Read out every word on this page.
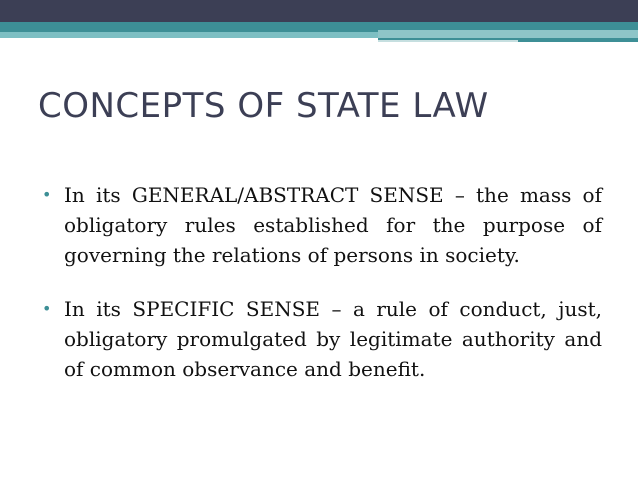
CONCEPTS OF STATE LAW
• In its GENERAL/ABSTRACT SENSE – the mass of obligatory rules established for the purpose of governing the relations of persons in society.
• In its SPECIFIC SENSE – a rule of conduct, just, obligatory promulgated by legitimate authority and of common observance and benefit.
